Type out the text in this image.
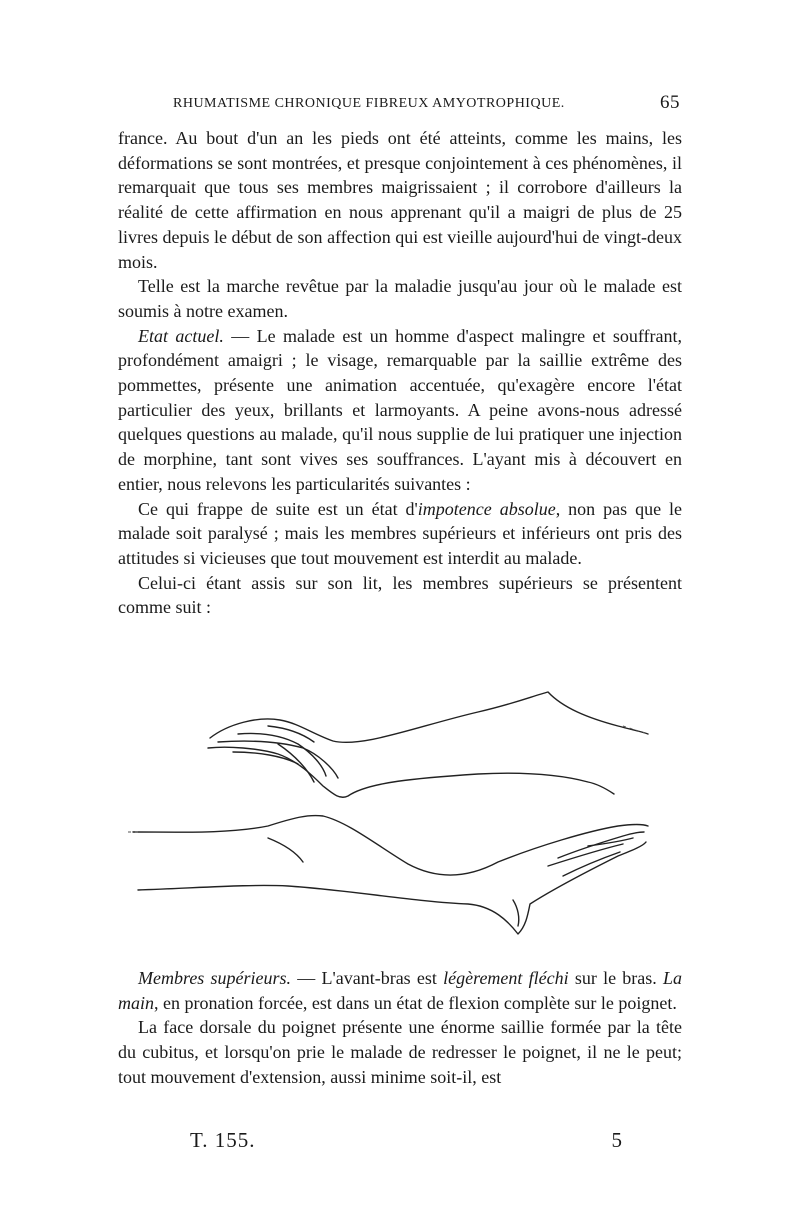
RHUMATISME CHRONIQUE FIBREUX AMYOTROPHIQUE.	65

france. Au bout d'un an les pieds ont été atteints, comme les mains, les déformations se sont montrées, et presque conjointement à ces phénomènes, il remarquait que tous ses membres maigrissaient ; il corrobore d'ailleurs la réalité de cette affirmation en nous apprenant qu'il a maigri de plus de 25 livres depuis le début de son affection qui est vieille aujourd'hui de vingt-deux mois.

Telle est la marche revêtue par la maladie jusqu'au jour où le malade est soumis à notre examen.

Etat actuel. — Le malade est un homme d'aspect malingre et souffrant, profondément amaigri ; le visage, remarquable par la saillie extrême des pommettes, présente une animation accentuée, qu'exagère encore l'état particulier des yeux, brillants et larmoyants. A peine avons-nous adressé quelques questions au malade, qu'il nous supplie de lui pratiquer une injection de morphine, tant sont vives ses souffrances. L'ayant mis à découvert en entier, nous relevons les particularités suivantes :

Ce qui frappe de suite est un état d'impotence absolue, non pas que le malade soit paralysé ; mais les membres supérieurs et inférieurs ont pris des attitudes si vicieuses que tout mouvement est interdit au malade.

Celui-ci étant assis sur son lit, les membres supérieurs se présentent comme suit :

Membres supérieurs. — L'avant-bras est légèrement fléchi sur le bras. La main, en pronation forcée, est dans un état de flexion complète sur le poignet.

La face dorsale du poignet présente une énorme saillie formée par la tête du cubitus, et lorsqu'on prie le malade de redresser le poignet, il ne le peut; tout mouvement d'extension, aussi minime soit-il, est

T. 155.	5
